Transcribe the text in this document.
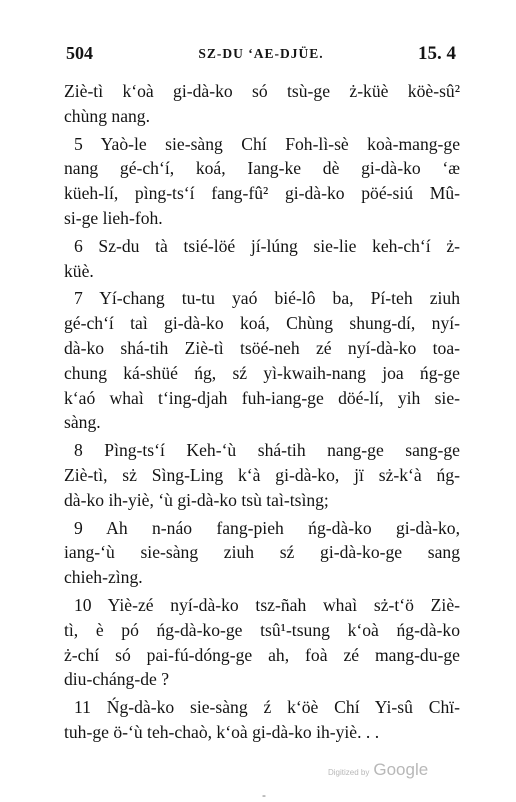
504	SZ-DU ‘AE-DJÜE.	15. 4
Ziè-tì k‘oà gi-dà-ko só tsù-ge ż-küè köè-sû²
chùng nang.
5 Yaò-le sie-sàng Chí Foh-lì-sè koà-mang-ge
nang gé-ch‘í, koá, Iang-ke dè gi-dà-ko ‘æ
küeh-lí, pìng-ts‘í fang-fû² gi-dà-ko pöé-siú Mû-
si-ge lieh-foh.
6 Sz-du tà tsié-löé jí-lúng sie-lie keh-ch‘í ż-
küè.
7 Yí-chang tu-tu yaó bié-lô ba, Pí-teh ziuh
gé-ch‘í taì gi-dà-ko koá, Chùng shung-dí, nyí-
dà-ko shá-tih Ziè-tì tsöé-neh zé nyí-dà-ko toa-
chung ká-shüé ńg, sź yì-kwaih-nang joa ńg-ge
k‘aó whaì t‘ing-djah fuh-iang-ge döé-lí, yih sie-
sàng.
8 Pìng-ts‘í Keh-‘ù shá-tih nang-ge sang-ge
Ziè-tì, sż Sìng-Ling k‘à gi-dà-ko, jï sż-k‘à ńg-
dà-ko ih-yiè, ‘ù gi-dà-ko tsù taì-tsìng;
9 Ah n-náo fang-pieh ńg-dà-ko gi-dà-ko,
iang-‘ù sie-sàng ziuh sź gi-dà-ko-ge sang
chieh-zìng.
10 Yiè-zé nyí-dà-ko tsz-ñah whaì sż-t‘ö Ziè-
tì, è pó ńg-dà-ko-ge tsû¹-tsung k‘oà ńg-dà-ko
ż-chí só pai-fú-dóng-ge ah, foà zé mang-du-ge
diu-cháng-de ?
11 Ńg-dà-ko sie-sàng ź k‘öè Chí Yi-sû Chï-
tuh-ge ö-‘ù teh-chaò, k‘oà gi-dà-ko ih-yiè. . .
Digitized by Google
-
